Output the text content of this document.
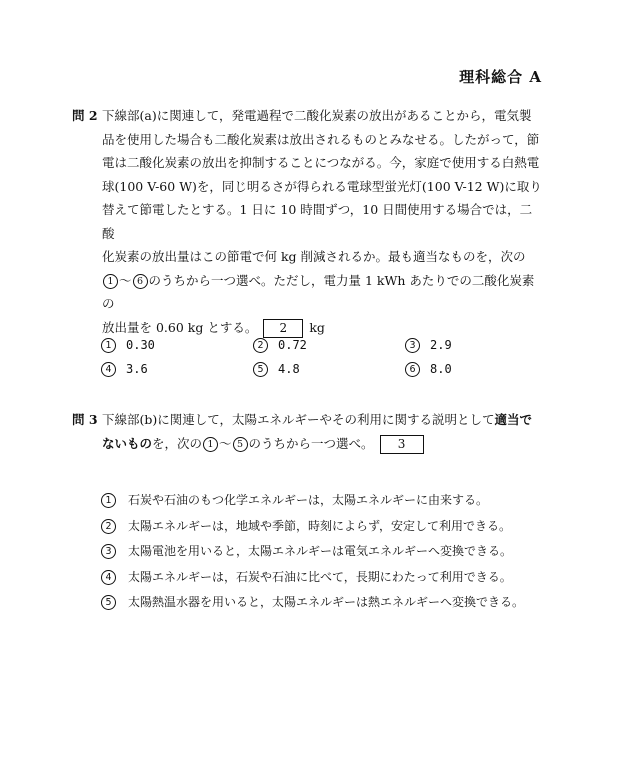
理科総合 A
問 2 下線部(a)に関連して，発電過程で二酸化炭素の放出があることから，電気製
品を使用した場合も二酸化炭素は放出されるものとみなせる。したがって，節
電は二酸化炭素の放出を抑制することにつながる。今，家庭で使用する白熱電
球(100 V-60 W)を，同じ明るさが得られる電球型蛍光灯(100 V-12 W)に取り
替えて節電したとする。1 日に 10 時間ずつ，10 日間使用する場合では，二酸
化炭素の放出量はこの節電で何 kg 削減されるか。最も適当なものを，次の
1 〜 6 のうちから一つ選べ。ただし，電力量 1 kWh あたりでの二酸化炭素の
放出量を 0.60 kg とする。 2 kg
1 0.30	2 0.72	3 2.9
4 3.6	5 4.8	6 8.0
問 3 下線部(b)に関連して，太陽エネルギーやその利用に関する説明として適当で
ないものを，次の 1 〜 5 のうちから一つ選べ。 3
1 石炭や石油のもつ化学エネルギーは，太陽エネルギーに由来する。
2 太陽エネルギーは，地域や季節，時刻によらず，安定して利用できる。
3 太陽電池を用いると，太陽エネルギーは電気エネルギーへ変換できる。
4 太陽エネルギーは，石炭や石油に比べて，長期にわたって利用できる。
5 太陽熱温水器を用いると，太陽エネルギーは熱エネルギーへ変換できる。
